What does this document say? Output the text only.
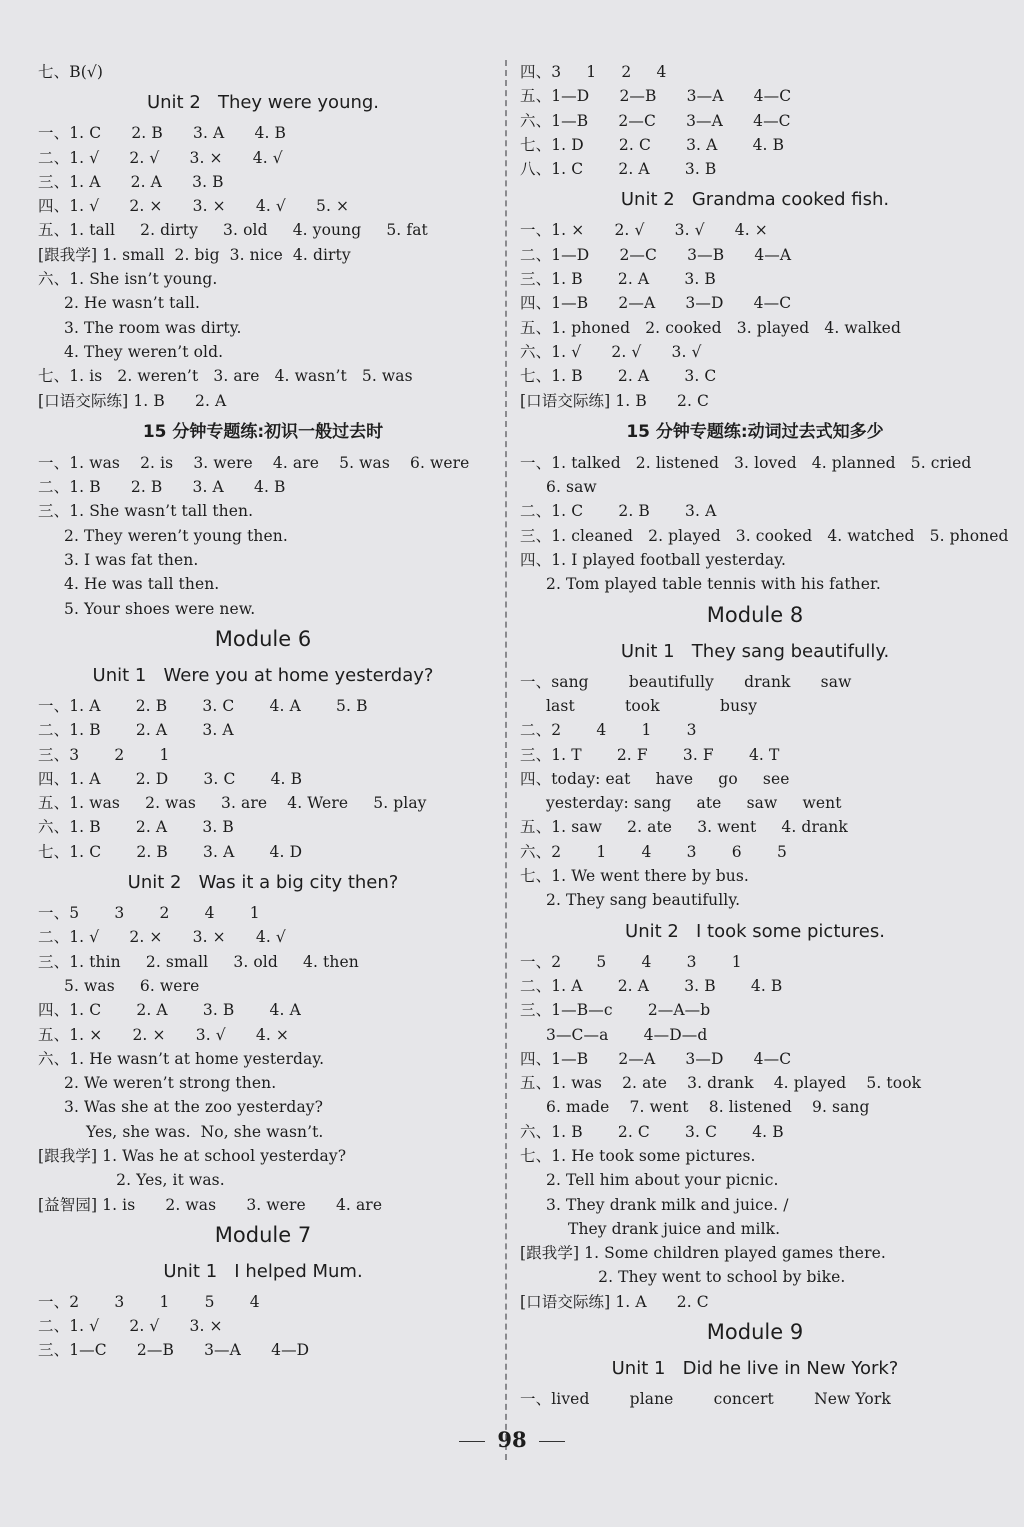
七、B(√)
Unit 2   They were young.
一、1. C      2. B      3. A      4. B
二、1. √      2. √      3. ×      4. √
三、1. A      2. A      3. B
四、1. √      2. ×      3. ×      4. √      5. ×
五、1. tall     2. dirty     3. old     4. young     5. fat
[跟我学] 1. small  2. big  3. nice  4. dirty
六、1. She isn’t young.
2. He wasn’t tall.
3. The room was dirty.
4. They weren’t old.
七、1. is   2. weren’t   3. are   4. wasn’t   5. was
[口语交际练] 1. B      2. A
15 分钟专题练:初识一般过去时
一、1. was    2. is    3. were    4. are    5. was    6. were
二、1. B      2. B      3. A      4. B
三、1. She wasn’t tall then.
2. They weren’t young then.
3. I was fat then.
4. He was tall then.
5. Your shoes were new.
Module 6
Unit 1   Were you at home yesterday?
一、1. A       2. B       3. C       4. A       5. B
二、1. B       2. A       3. A
三、3       2       1
四、1. A       2. D       3. C       4. B
五、1. was     2. was     3. are    4. Were     5. play
六、1. B       2. A       3. B
七、1. C       2. B       3. A       4. D
Unit 2   Was it a big city then?
一、5       3       2       4       1
二、1. √      2. ×      3. ×      4. √
三、1. thin     2. small     3. old     4. then
5. was     6. were
四、1. C       2. A       3. B       4. A
五、1. ×      2. ×      3. √      4. ×
六、1. He wasn’t at home yesterday.
2. We weren’t strong then.
3. Was she at the zoo yesterday?
Yes, she was.  No, she wasn’t.
[跟我学] 1. Was he at school yesterday?
2. Yes, it was.
[益智园] 1. is      2. was      3. were      4. are
Module 7
Unit 1   I helped Mum.
一、2       3       1       5       4
二、1. √      2. √      3. ×
三、1—C      2—B      3—A      4—D
四、3     1     2     4
五、1—D      2—B      3—A      4—C
六、1—B      2—C      3—A      4—C
七、1. D       2. C       3. A       4. B
八、1. C       2. A       3. B
Unit 2   Grandma cooked fish.
一、1. ×      2. √      3. √      4. ×
二、1—D      2—C      3—B      4—A
三、1. B       2. A       3. B
四、1—B      2—A      3—D      4—C
五、1. phoned   2. cooked   3. played   4. walked
六、1. √      2. √      3. √
七、1. B       2. A       3. C
[口语交际练] 1. B      2. C
15 分钟专题练:动词过去式知多少
一、1. talked   2. listened   3. loved   4. planned   5. cried
6. saw
二、1. C       2. B       3. A
三、1. cleaned   2. played   3. cooked   4. watched   5. phoned
四、1. I played football yesterday.
2. Tom played table tennis with his father.
Module 8
Unit 1   They sang beautifully.
一、sang        beautifully      drank      saw
last          took            busy
二、2       4       1       3
三、1. T       2. F       3. F       4. T
四、today: eat     have     go     see
yesterday: sang     ate     saw     went
五、1. saw     2. ate     3. went     4. drank
六、2       1       4       3       6       5
七、1. We went there by bus.
2. They sang beautifully.
Unit 2   I took some pictures.
一、2       5       4       3       1
二、1. A       2. A       3. B       4. B
三、1—B—c       2—A—b
3—C—a       4—D—d
四、1—B      2—A      3—D      4—C
五、1. was    2. ate    3. drank    4. played    5. took
6. made    7. went    8. listened    9. sang
六、1. B       2. C       3. C       4. B
七、1. He took some pictures.
2. Tell him about your picnic.
3. They drank milk and juice. /
They drank juice and milk.
[跟我学] 1. Some children played games there.
2. They went to school by bike.
[口语交际练] 1. A      2. C
Module 9
Unit 1   Did he live in New York?
一、lived        plane        concert        New York
98
